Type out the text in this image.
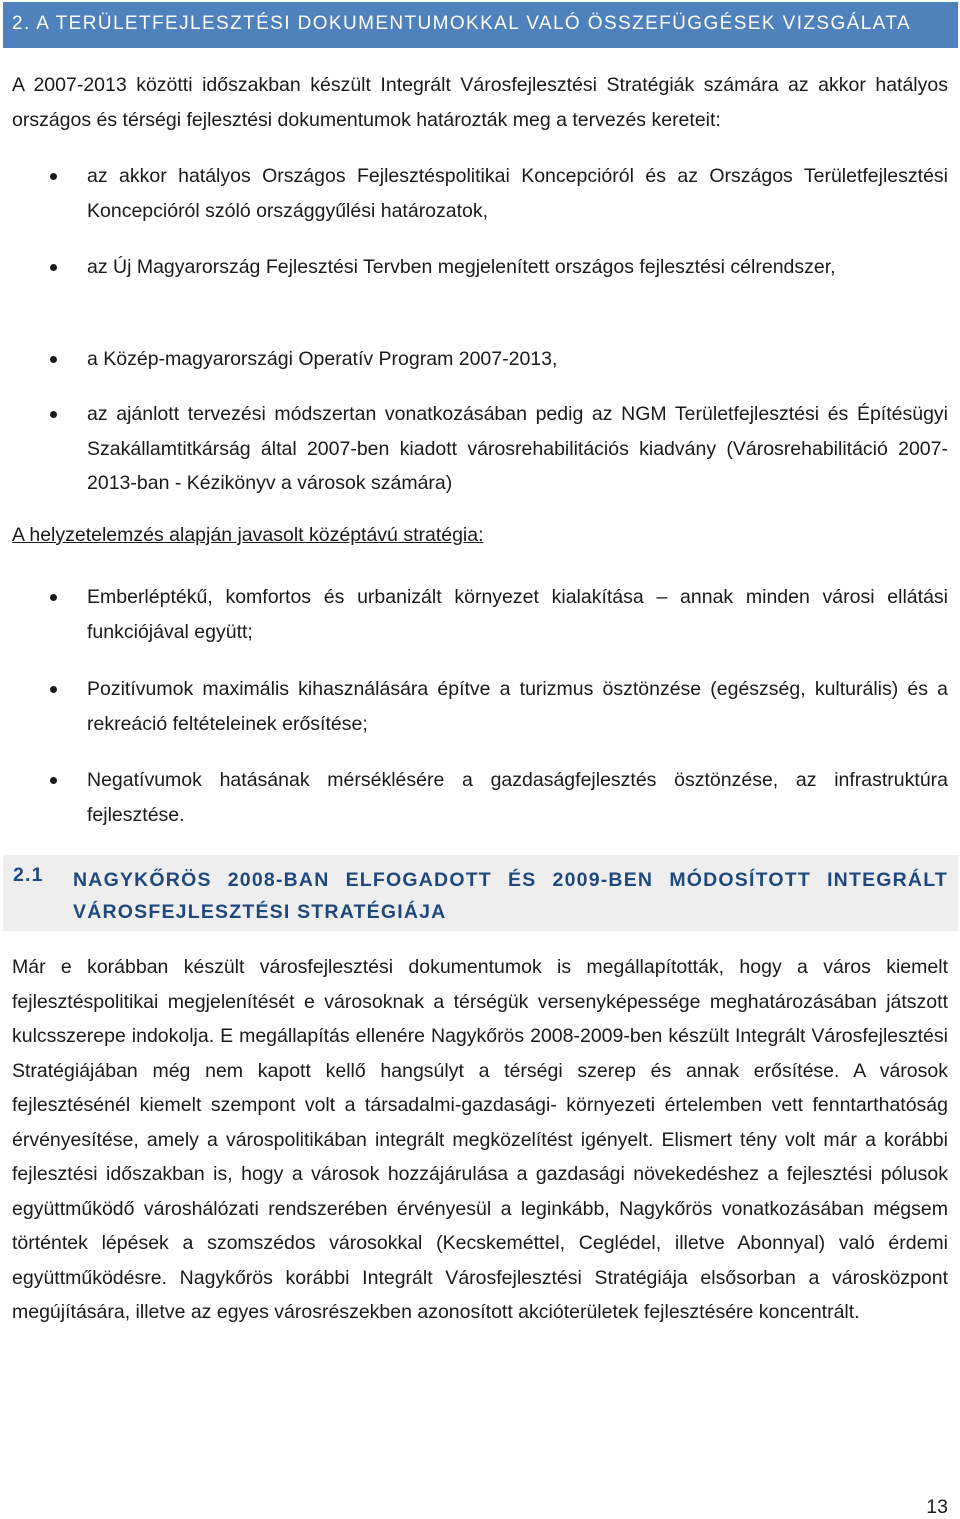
2. A TERÜLETFEJLESZTÉSI DOKUMENTUMOKKAL VALÓ ÖSSZEFÜGGÉSEK VIZSGÁLATA

A 2007-2013 közötti időszakban készült Integrált Városfejlesztési Stratégiák számára az akkor hatályos országos és térségi fejlesztési dokumentumok határozták meg a tervezés kereteit:

az akkor hatályos Országos Fejlesztéspolitikai Koncepcióról és az Országos Területfejlesztési Koncepcióról szóló országgyűlési határozatok,

az Új Magyarország Fejlesztési Tervben megjelenített országos fejlesztési célrendszer,

a Közép-magyarországi Operatív Program 2007-2013,

az ajánlott tervezési módszertan vonatkozásában pedig az NGM Területfejlesztési és Építésügyi Szakállamtitkárság által 2007-ben kiadott városrehabilitációs kiadvány (Városrehabilitáció 2007-2013-ban - Kézikönyv a városok számára)

A helyzetelemzés alapján javasolt középtávú stratégia:

Emberléptékű, komfortos és urbanizált környezet kialakítása – annak minden városi ellátási funkciójával együtt;

Pozitívumok maximális kihasználására építve a turizmus ösztönzése (egészség, kulturális) és a rekreáció feltételeinek erősítése;

Negatívumok hatásának mérséklésére a gazdaságfejlesztés ösztönzése, az infrastruktúra fejlesztése.

2.1 NAGYKŐRÖS 2008-BAN ELFOGADOTT ÉS 2009-BEN MÓDOSÍTOTT INTEGRÁLT VÁROSFEJLESZTÉSI STRATÉGIÁJA

Már e korábban készült városfejlesztési dokumentumok is megállapították, hogy a város kiemelt fejlesztéspolitikai megjelenítését e városoknak a térségük versenyképessége meghatározásában játszott kulcsszerepe indokolja. E megállapítás ellenére Nagykőrös 2008-2009-ben készült Integrált Városfejlesztési Stratégiájában még nem kapott kellő hangsúlyt a térségi szerep és annak erősítése. A városok fejlesztésénél kiemelt szempont volt a társadalmi-gazdasági- környezeti értelemben vett fenntarthatóság érvényesítése, amely a várospolitikában integrált megközelítést igényelt. Elismert tény volt már a korábbi fejlesztési időszakban is, hogy a városok hozzájárulása a gazdasági növekedéshez a fejlesztési pólusok együttműködő városhálózati rendszerében érvényesül a leginkább, Nagykőrös vonatkozásában mégsem történtek lépések a szomszédos városokkal (Kecskeméttel, Ceglédel, illetve Abonnyal) való érdemi együttműködésre. Nagykőrös korábbi Integrált Városfejlesztési Stratégiája elsősorban a városközpont megújítására, illetve az egyes városrészekben azonosított akcióterületek fejlesztésére koncentrált.

13
